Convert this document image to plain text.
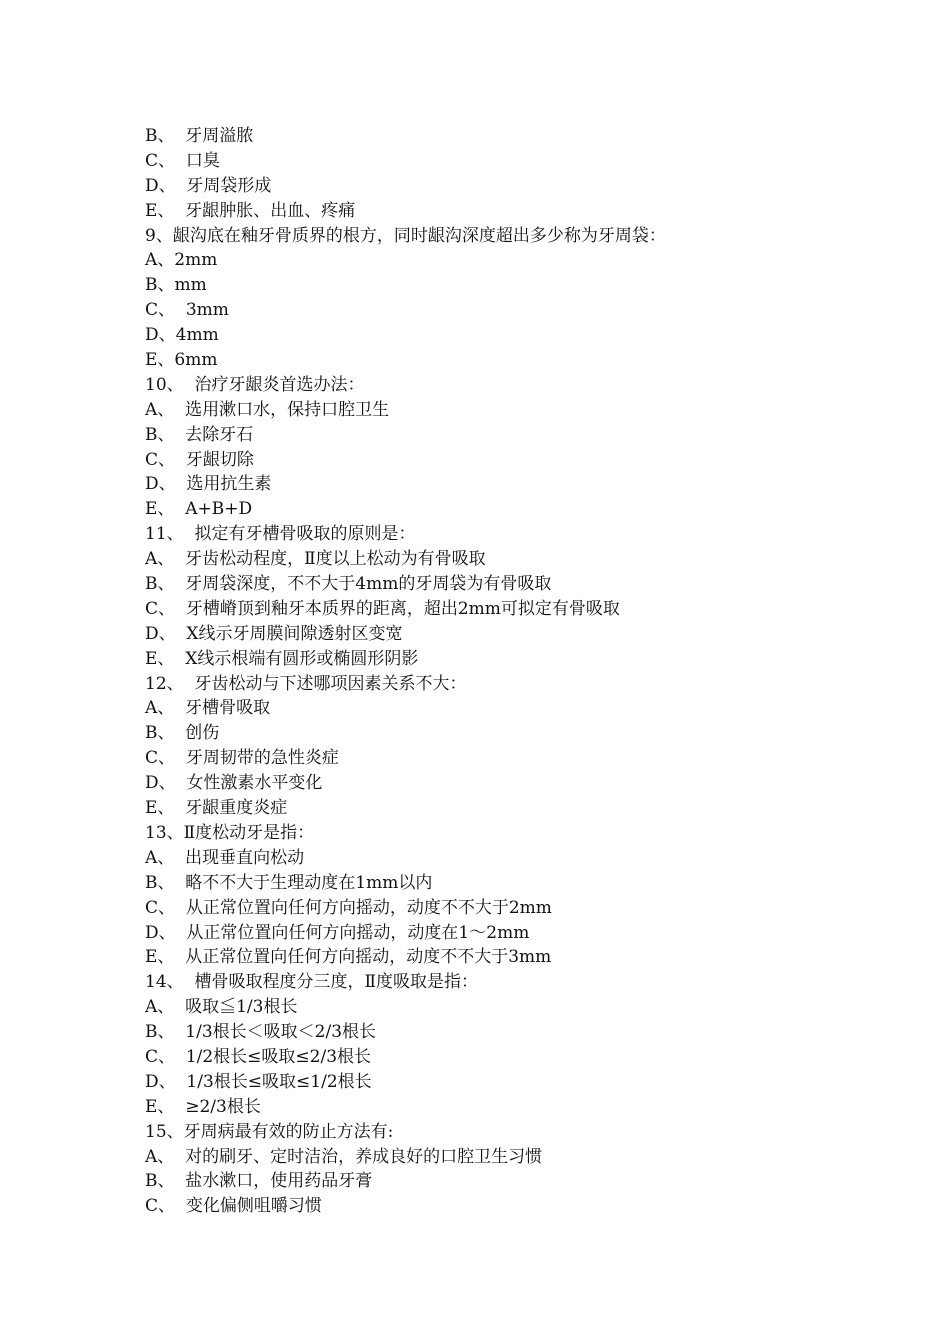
B、  牙周溢脓
C、  口臭
D、  牙周袋形成
E、  牙龈肿胀、出血、疼痛
9、龈沟底在釉牙骨质界的根方，同时龈沟深度超出多少称为牙周袋：
A、2mm
B、mm
C、  3mm
D、4mm
E、6mm
10、  治疗牙龈炎首选办法：
A、  选用漱口水，保持口腔卫生
B、  去除牙石
C、  牙龈切除
D、  选用抗生素
E、  A+B+D
11、  拟定有牙槽骨吸取的原则是：
A、  牙齿松动程度，Ⅱ度以上松动为有骨吸取
B、  牙周袋深度，不不大于4mm的牙周袋为有骨吸取
C、  牙槽嵴顶到釉牙本质界的距离，超出2mm可拟定有骨吸取
D、  X线示牙周膜间隙透射区变宽
E、  X线示根端有圆形或椭圆形阴影
12、  牙齿松动与下述哪项因素关系不大：
A、  牙槽骨吸取
B、  创伤
C、  牙周韧带的急性炎症
D、  女性激素水平变化
E、  牙龈重度炎症
13、Ⅱ度松动牙是指：
A、  出现垂直向松动
B、  略不不大于生理动度在1mm以内
C、  从正常位置向任何方向摇动，动度不不大于2mm
D、  从正常位置向任何方向摇动，动度在1～2mm
E、  从正常位置向任何方向摇动，动度不不大于3mm
14、  槽骨吸取程度分三度，Ⅱ度吸取是指：
A、  吸取≦1/3根长
B、  1/3根长＜吸取＜2/3根长
C、  1/2根长≤吸取≤2/3根长
D、  1/3根长≤吸取≤1/2根长
E、  ≥2/3根长
15、牙周病最有效的防止方法有:
A、  对的刷牙、定时洁治，养成良好的口腔卫生习惯
B、  盐水漱口，使用药品牙膏
C、  变化偏侧咀嚼习惯
